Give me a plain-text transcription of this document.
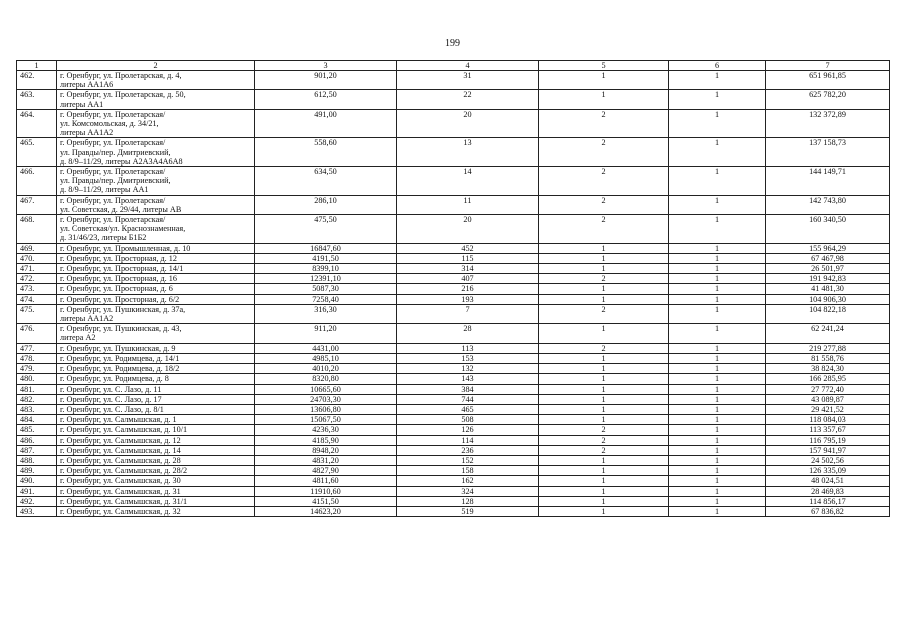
199
1	2	3	4	5	6	7
462.	г. Оренбург, ул. Пролетарская, д. 4,
литеры АА1А6	901,20	31	1	1	651 961,85
463.	г. Оренбург, ул. Пролетарская, д. 50,
литеры АА1	612,50	22	1	1	625 782,20
464.	г. Оренбург, ул. Пролетарская/
ул. Комсомольская, д. 34/21,
литеры АА1А2	491,00	20	2	1	132 372,89
465.	г. Оренбург, ул. Пролетарская/
ул. Правды/пер. Дмитриевский,
д. 8/9–11/29, литеры А2А3А4А6А8	558,60	13	2	1	137 158,73
466.	г. Оренбург, ул. Пролетарская/
ул. Правды/пер. Дмитриевский,
д. 8/9–11/29, литеры АА1	634,50	14	2	1	144 149,71
467.	г. Оренбург, ул. Пролетарская/
ул. Советская, д. 29/44, литеры АВ	286,10	11	2	1	142 743,80
468.	г. Оренбург, ул. Пролетарская/
ул. Советская/ул. Краснознаменная,
д. 31/46/23, литеры Б1Б2	475,50	20	2	1	160 340,50
469.	г. Оренбург, ул. Промышленная, д. 10	16847,60	452	1	1	155 964,29
470.	г. Оренбург, ул. Просторная, д. 12	4191,50	115	1	1	67 467,98
471.	г. Оренбург, ул. Просторная, д. 14/1	8399,10	314	1	1	26 501,97
472.	г. Оренбург, ул. Просторная, д. 16	12391,10	407	2	1	191 942,83
473.	г. Оренбург, ул. Просторная, д. 6	5087,30	216	1	1	41 481,30
474.	г. Оренбург, ул. Просторная, д. 6/2	7258,40	193	1	1	104 906,30
475.	г. Оренбург, ул. Пушкинская, д. 37а,
литеры АА1А2	316,30	7	2	1	104 822,18
476.	г. Оренбург, ул. Пушкинская, д. 43,
литера А2	911,20	28	1	1	62 241,24
477.	г. Оренбург, ул. Пушкинская, д. 9	4431,00	113	2	1	219 277,88
478.	г. Оренбург, ул. Родимцева, д. 14/1	4985,10	153	1	1	81 558,76
479.	г. Оренбург, ул. Родимцева, д. 18/2	4010,20	132	1	1	38 824,30
480.	г. Оренбург, ул. Родимцева, д. 8	8320,80	143	1	1	166 285,95
481.	г. Оренбург, ул. С. Лазо, д. 11	10665,60	384	1	1	27 772,40
482.	г. Оренбург, ул. С. Лазо, д. 17	24703,30	744	1	1	43 089,87
483.	г. Оренбург, ул. С. Лазо, д. 8/1	13606,80	465	1	1	29 421,52
484.	г. Оренбург, ул. Салмышская, д. 1	15067,50	508	1	1	118 084,03
485.	г. Оренбург, ул. Салмышская, д. 10/1	4236,30	126	2	1	113 357,67
486.	г. Оренбург, ул. Салмышская, д. 12	4185,90	114	2	1	116 795,19
487.	г. Оренбург, ул. Салмышская, д. 14	8948,20	236	2	1	157 941,97
488.	г. Оренбург, ул. Салмышская, д. 28	4831,20	152	1	1	24 502,56
489.	г. Оренбург, ул. Салмышская, д. 28/2	4827,90	158	1	1	126 335,09
490.	г. Оренбург, ул. Салмышская, д. 30	4811,60	162	1	1	48 024,51
491.	г. Оренбург, ул. Салмышская, д. 31	11910,60	324	1	1	28 469,83
492.	г. Оренбург, ул. Салмышская, д. 31/1	4151,50	128	1	1	114 856,17
493.	г. Оренбург, ул. Салмышская, д. 32	14623,20	519	1	1	67 836,82
